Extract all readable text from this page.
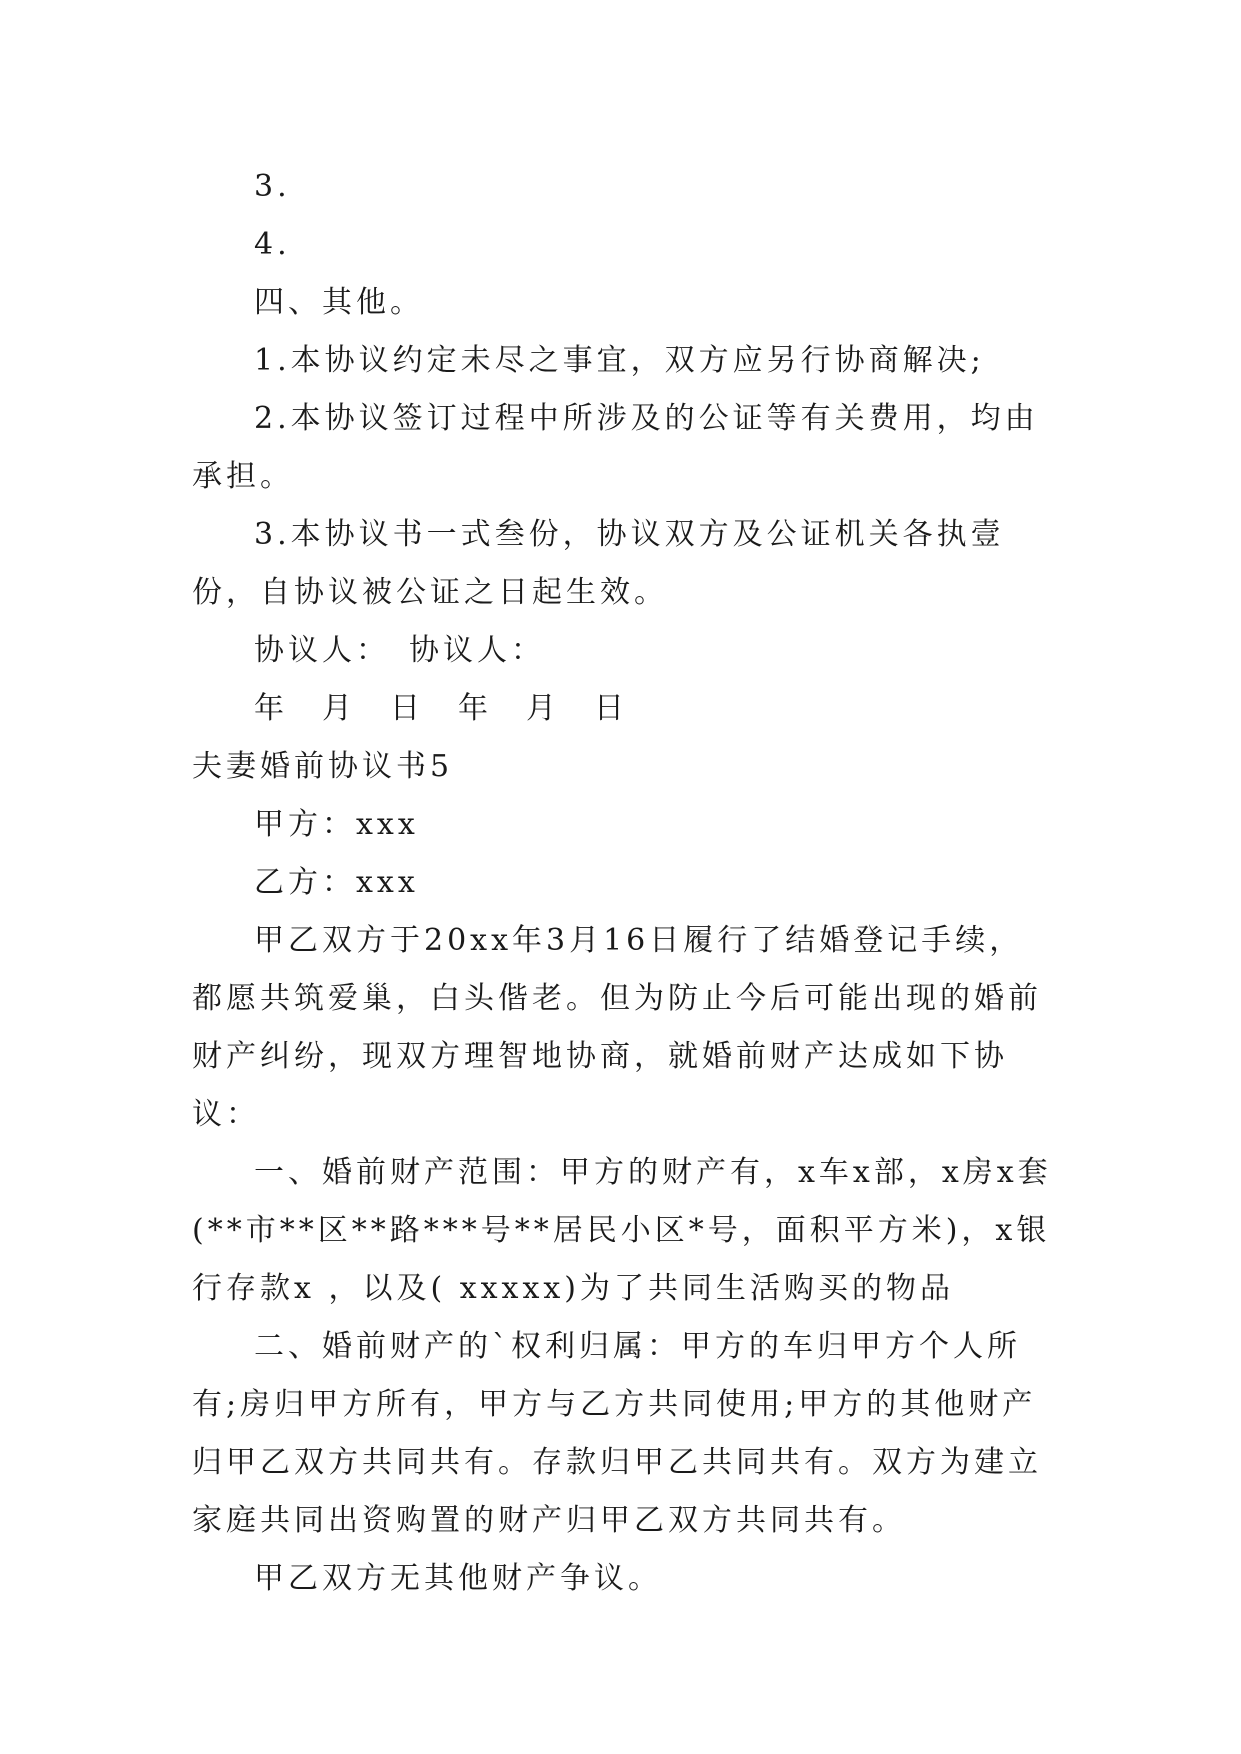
3.

4.

四、其他。

1.本协议约定未尽之事宜，双方应另行协商解决;

2.本协议签订过程中所涉及的公证等有关费用，均由承担。

3.本协议书一式叁份，协议双方及公证机关各执壹份，自协议被公证之日起生效。

协议人：　协议人：

年　月　日　年　月　日

夫妻婚前协议书5

甲方：xxx

乙方：xxx

甲乙双方于20xx年3月16日履行了结婚登记手续，都愿共筑爱巢，白头偕老。但为防止今后可能出现的婚前财产纠纷，现双方理智地协商，就婚前财产达成如下协议：

一、婚前财产范围：甲方的财产有，x车x部，x房x套(**市**区**路***号**居民小区*号，面积平方米)，x银行存款x ，以及( xxxxx)为了共同生活购买的物品

二、婚前财产的`权利归属：甲方的车归甲方个人所有;房归甲方所有，甲方与乙方共同使用;甲方的其他财产归甲乙双方共同共有。存款归甲乙共同共有。双方为建立家庭共同出资购置的财产归甲乙双方共同共有。

甲乙双方无其他财产争议。
